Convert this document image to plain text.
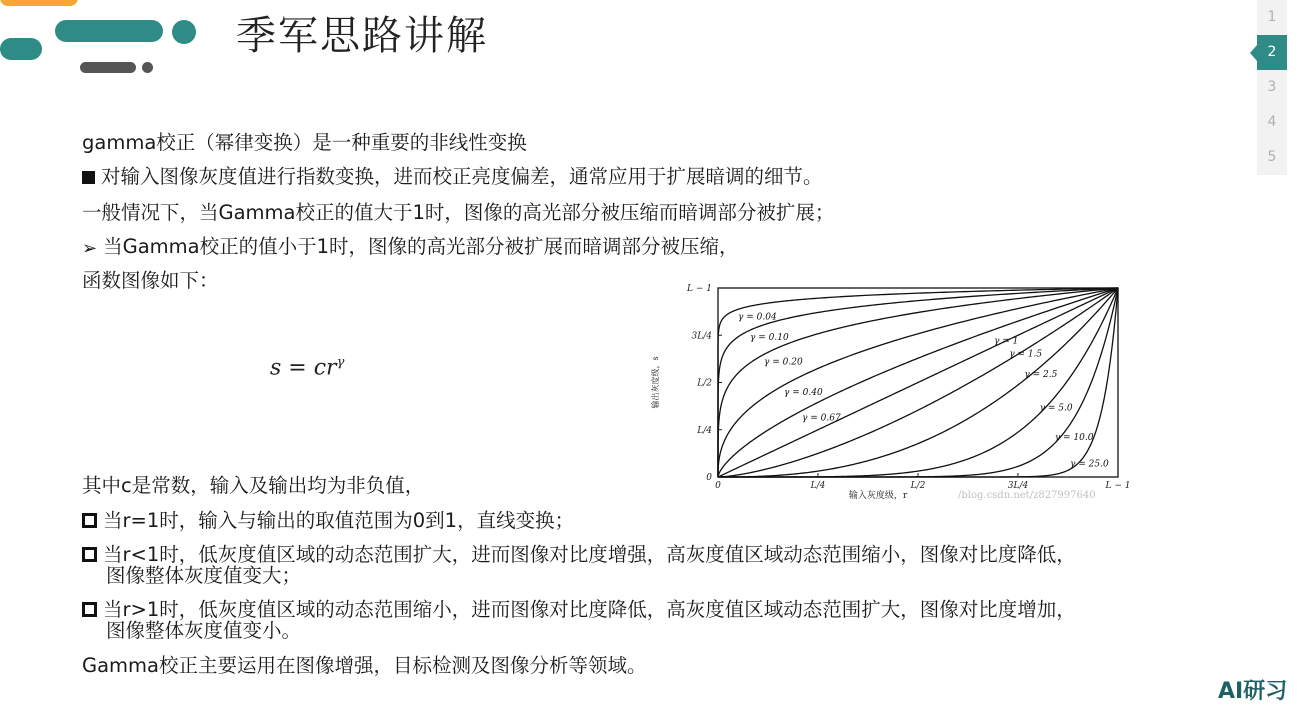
季军思路讲解	1
2
3
4
5
gamma校正（幂律变换）是一种重要的非线性变换
对输入图像灰度值进行指数变换，进而校正亮度偏差，通常应用于扩展暗调的细节。
一般情况下，当Gamma校正的值大于1时，图像的高光部分被压缩而暗调部分被扩展；
➢ 当Gamma校正的值小于1时，图像的高光部分被扩展而暗调部分被压缩，
函数图像如下：
$s = cr^\gamma$
其中c是常数，输入及输出均为非负值，
当r=1时，输入与输出的取值范围为0到1，直线变换；
当r<1时，低灰度值区域的动态范围扩大，进而图像对比度增强，高灰度值区域动态范围缩小，图像对比度降低，
图像整体灰度值变大；
当r>1时，低灰度值区域的动态范围缩小，进而图像对比度降低，高灰度值区域动态范围扩大，图像对比度增加，
图像整体灰度值变小。
Gamma校正主要运用在图像增强，目标检测及图像分析等领域。
0	L/4	L/2	3L/4	L − 1
0
L/4
L/2
3L/4
L − 1
输入灰度级，r
输出灰度级，s
/blog.csdn.net/z827997640
γ = 0.04
γ = 0.10
γ = 0.20
γ = 0.40
γ = 0.67
γ = 1
γ = 1.5
γ = 2.5
γ = 5.0
γ = 10.0
γ = 25.0
AI研习
